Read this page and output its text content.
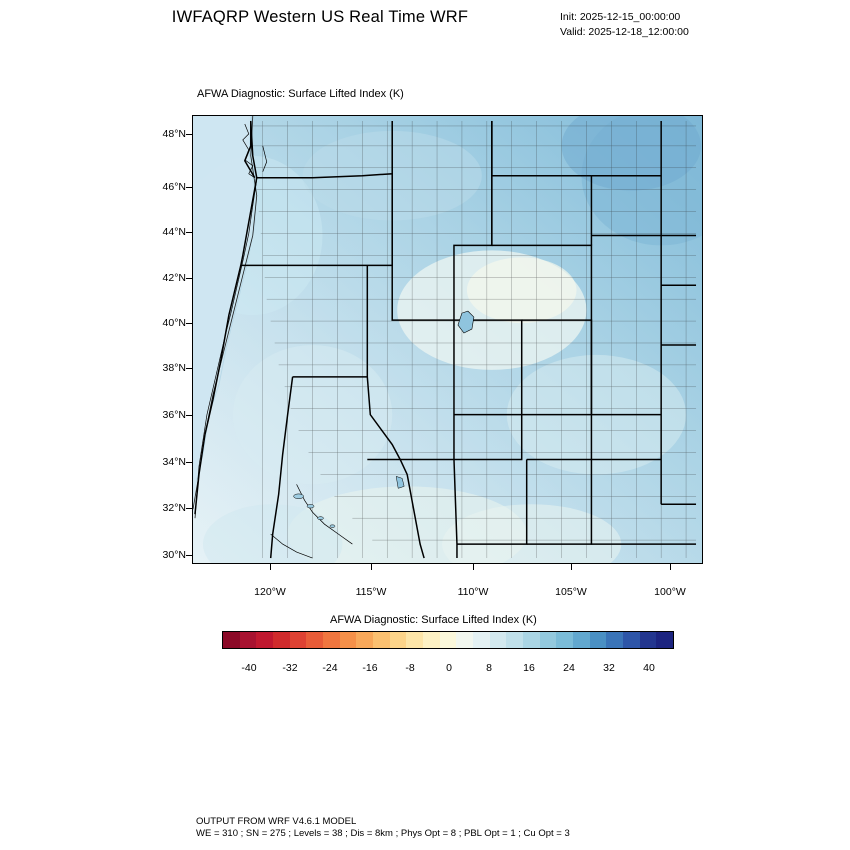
IWFAQRP Western US Real Time WRF	Init: 2025-12-15_00:00:00
Valid: 2025-12-18_12:00:00
AFWA Diagnostic: Surface Lifted Index (K)
48°N
46°N
44°N
42°N
40°N
38°N
36°N
34°N
32°N
30°N
120°W	115°W	110°W	105°W	100°W
AFWA Diagnostic: Surface Lifted Index (K)
-40	-32	-24	-16	-8	0	8	16	24	32	40
OUTPUT FROM WRF V4.6.1 MODEL
WE = 310 ; SN = 275 ; Levels = 38 ; Dis = 8km ; Phys Opt = 8 ; PBL Opt = 1 ; Cu Opt = 3
